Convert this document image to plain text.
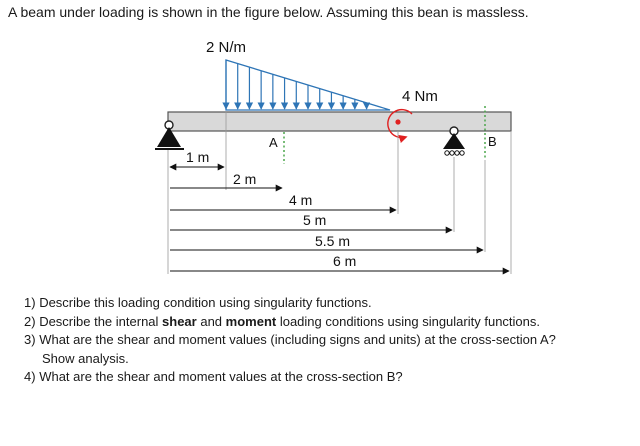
A beam under loading is shown in the figure below. Assuming this bean is massless.
2 N/m
4 Nm
A	B
1 m
2 m
4 m
5 m
5.5 m
6 m
1) Describe this loading condition using singularity functions.
2) Describe the internal shear and moment loading conditions using singularity functions.
3) What are the shear and moment values (including signs and units) at the cross-section A?
Show analysis.
4) What are the shear and moment values at the cross-section B?
